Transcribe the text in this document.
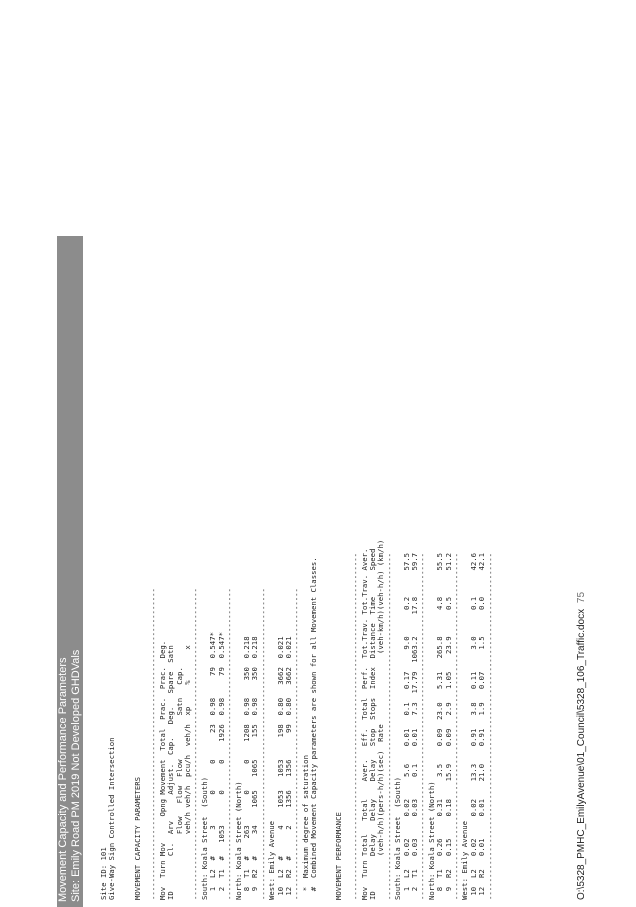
Movement Capacity and Performance Parameters Site: Emily Road PM 2019 Not Developed GHDVals Site ID: 101
Give-Way Sign Controlled Intersection

MOVEMENT CAPACITY PARAMETERS

-----------------------------------------------------------------------
Mov  Turn Mov      Opng Movement  Total  Prac.  Prac.  Deg.
ID        Cl.  Arv      Adjust.  Cap.   Deg.   Spare  Satn
Flow   Flow  Flow          Satn   Cap.
veh/h veh/h  pcu/h  veh/h  xp     %       x
-----------------------------------------------------------------------
South: Koala Street  (South)
1  L2  #      3       0      0      23  0.98     79  0.547*
2  T1  #   1053       0      0    1926  0.98     79  0.547*
-----------------------------------------------------------------------
North: Koala Street (North)
8  T1  #    263       0      0    1208  0.98    350  0.218
9  R2  #     34    1065   1065     155  0.98    350  0.218
-----------------------------------------------------------------------
West: Emily Avenue
10  L2  #      4    1053   1053     198  0.80   3662  0.021
12  R2  #      2    1356   1356      99  0.80   3662  0.021
-----------------------------------------------------------------------
*  Maximum degree of saturation
#  Combined Movement Capacity parameters are shown for all Movement Classes.

MOVEMENT PERFORMANCE

-------------------------------------------------------------------------------
Mov  Turn Total   Total    Aver.   Eff.  Total  Perf.  Tot.Trav. Tot.Trav. Aver.
ID        Delay   Delay    Delay   Stop  Stops  Index  Distance  Time      Speed
(veh-h/h)(pers-h/h)(sec)  Rate                (veh-km/h)(veh-h/h) (km/h)
-------------------------------------------------------------------------------
South: Koala Street  (South)
1  L2   0.02     0.02     5.6    0.01   0.1   0.17     9.0      0.2      57.5
2  T1   0.03     0.03     0.1    0.01   7.3  17.79  1063.2     17.8      59.7
-------------------------------------------------------------------------------
North: Koala Street (North)
8  T1   0.26     0.31     3.5    0.09  23.0   5.31   265.8      4.8      55.5
9  R2   0.15     0.18    15.9    0.09   2.9   1.05    23.9      0.5      51.2
-------------------------------------------------------------------------------
West: Emily Avenue
10  L2   0.02     0.02    13.3    0.91   3.8   0.11     3.0      0.1      42.6
12  R2   0.01     0.01    21.0    0.91   1.9   0.07     1.5      0.0      42.1
-------------------------------------------------------------------------------	O:\5328_PMHC_EmilyAvenue\01_Council\5328_106_Traffic.docx 75
